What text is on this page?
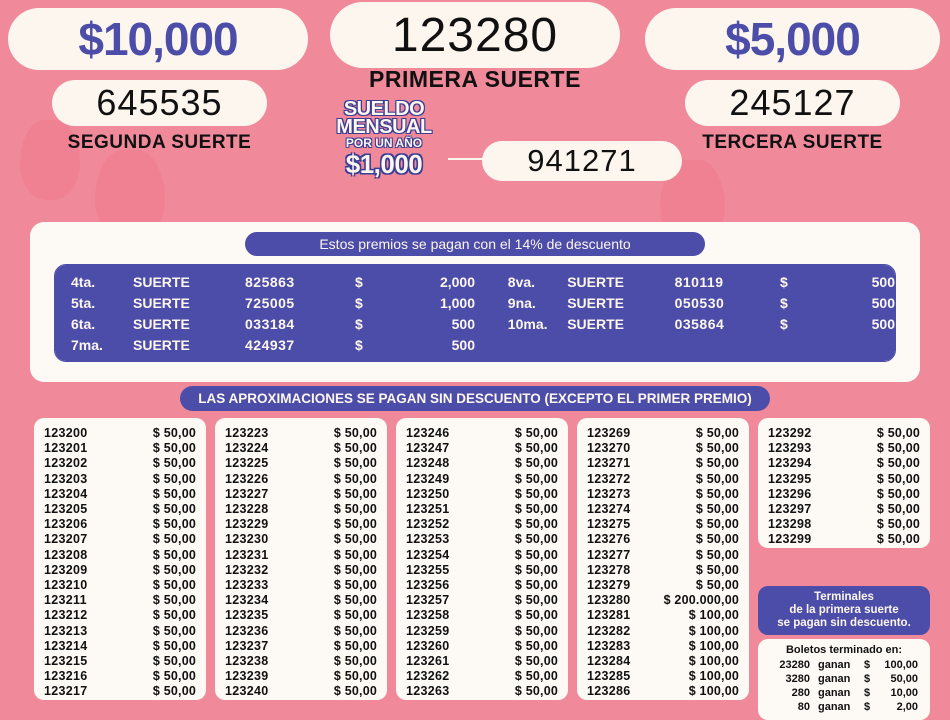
$10,000
645535
SEGUNDA SUERTE
123280
PRIMERA SUERTE
$5,000
245127
TERCERA SUERTE
SUELDO
MENSUAL
POR UN AÑO
$1,000	941271
Estos premios se pagan con el 14% de descuento
4ta.	SUERTE	825863	$	2,000
5ta.	SUERTE	725005	$	1,000
6ta.	SUERTE	033184	$	500
7ma.	SUERTE	424937	$	500
8va.	SUERTE	810119	$	500
9na.	SUERTE	050530	$	500
10ma.	SUERTE	035864	$	500
LAS APROXIMACIONES SE PAGAN SIN DESCUENTO (EXCEPTO EL PRIMER PREMIO)
123200	$ 50,00
123201	$ 50,00
123202	$ 50,00
123203	$ 50,00
123204	$ 50,00
123205	$ 50,00
123206	$ 50,00
123207	$ 50,00
123208	$ 50,00
123209	$ 50,00
123210	$ 50,00
123211	$ 50,00
123212	$ 50,00
123213	$ 50,00
123214	$ 50,00
123215	$ 50,00
123216	$ 50,00
123217	$ 50,00
123223	$ 50,00
123224	$ 50,00
123225	$ 50,00
123226	$ 50,00
123227	$ 50,00
123228	$ 50,00
123229	$ 50,00
123230	$ 50,00
123231	$ 50,00
123232	$ 50,00
123233	$ 50,00
123234	$ 50,00
123235	$ 50,00
123236	$ 50,00
123237	$ 50,00
123238	$ 50,00
123239	$ 50,00
123240	$ 50,00
123246	$ 50,00
123247	$ 50,00
123248	$ 50,00
123249	$ 50,00
123250	$ 50,00
123251	$ 50,00
123252	$ 50,00
123253	$ 50,00
123254	$ 50,00
123255	$ 50,00
123256	$ 50,00
123257	$ 50,00
123258	$ 50,00
123259	$ 50,00
123260	$ 50,00
123261	$ 50,00
123262	$ 50,00
123263	$ 50,00
123269	$ 50,00
123270	$ 50,00
123271	$ 50,00
123272	$ 50,00
123273	$ 50,00
123274	$ 50,00
123275	$ 50,00
123276	$ 50,00
123277	$ 50,00
123278	$ 50,00
123279	$ 50,00
123280	$ 200.000,00
123281	$ 100,00
123282	$ 100,00
123283	$ 100,00
123284	$ 100,00
123285	$ 100,00
123286	$ 100,00
123292	$ 50,00
123293	$ 50,00
123294	$ 50,00
123295	$ 50,00
123296	$ 50,00
123297	$ 50,00
123298	$ 50,00
123299	$ 50,00
Terminales
de la primera suerte
se pagan sin descuento.
Boletos terminado en:
23280 ganan	$	100,00
3280 ganan	$	50,00
280 ganan	$	10,00
80 ganan	$	2,00
